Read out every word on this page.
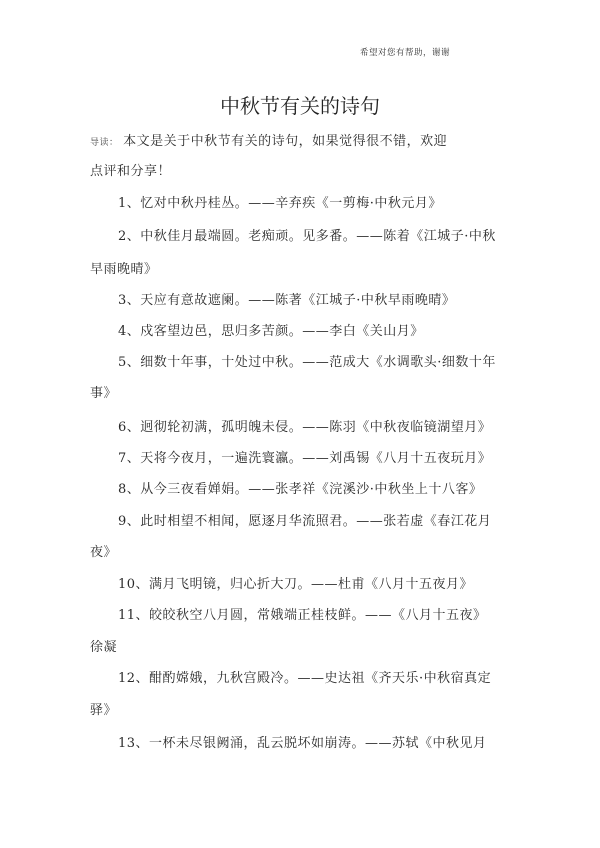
希望对您有帮助，谢谢
中秋节有关的诗句
导读： 本文是关于中秋节有关的诗句，如果觉得很不错，欢迎
点评和分享！
1、忆对中秋丹桂丛。——辛弃疾《一剪梅·中秋元月》
2、中秋佳月最端圆。老痴顽。见多番。——陈着《江城子·中秋
早雨晚晴》
3、天应有意故遮阑。——陈著《江城子·中秋早雨晚晴》
4、戍客望边邑，思归多苦颜。——李白《关山月》
5、细数十年事，十处过中秋。——范成大《水调歌头·细数十年
事》
6、迥彻轮初满，孤明魄未侵。——陈羽《中秋夜临镜湖望月》
7、天将今夜月，一遍洗寰瀛。——刘禹锡《八月十五夜玩月》
8、从今三夜看婵娟。——张孝祥《浣溪沙·中秋坐上十八客》
9、此时相望不相闻，愿逐月华流照君。——张若虚《春江花月
夜》
10、满月飞明镜，归心折大刀。——杜甫《八月十五夜月》
11、皎皎秋空八月圆，常娥端正桂枝鲜。——《八月十五夜》
徐凝
12、酣酌嫦娥，九秋宫殿冷。——史达祖《齐天乐·中秋宿真定
驿》
13、一杯未尽银阙涌，乱云脱坏如崩涛。——苏轼《中秋见月
